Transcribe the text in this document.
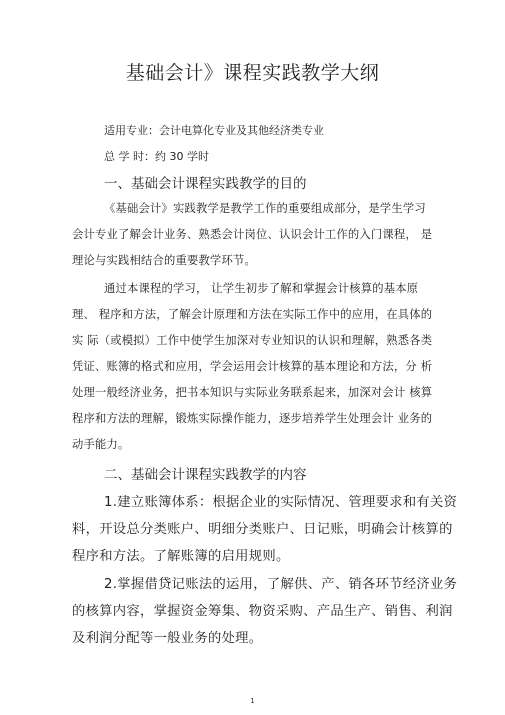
基础会计》课程实践教学大纲
适用专业：会计电算化专业及其他经济类专业
总 学 时：约 30 学时
一、基础会计课程实践教学的目的
《基础会计》实践教学是教学工作的重要组成部分，是学生学习
会计专业了解会计业务、熟悉会计岗位、认识会计工作的入门课程， 是
理论与实践相结合的重要教学环节。
通过本课程的学习， 让学生初步了解和掌握会计核算的基本原
理、 程序和方法，了解会计原理和方法在实际工作中的应用，在具体的
实 际（或模拟）工作中使学生加深对专业知识的认识和理解，熟悉各类
凭证、账簿的格式和应用，学会运用会计核算的基本理论和方法，分 析
处理一般经济业务，把书本知识与实际业务联系起来，加深对会计 核算
程序和方法的理解，锻炼实际操作能力，逐步培养学生处理会计 业务的
动手能力。
二、基础会计课程实践教学的内容
1.建立账簿体系：根据企业的实际情况、管理要求和有关资
料，开设总分类账户、明细分类账户、日记账，明确会计核算的
程序和方法。了解账簿的启用规则。
2.掌握借贷记账法的运用，了解供、产、销各环节经济业务
的核算内容，掌握资金筹集、物资采购、产品生产、销售、利润
及利润分配等一般业务的处理。
1
